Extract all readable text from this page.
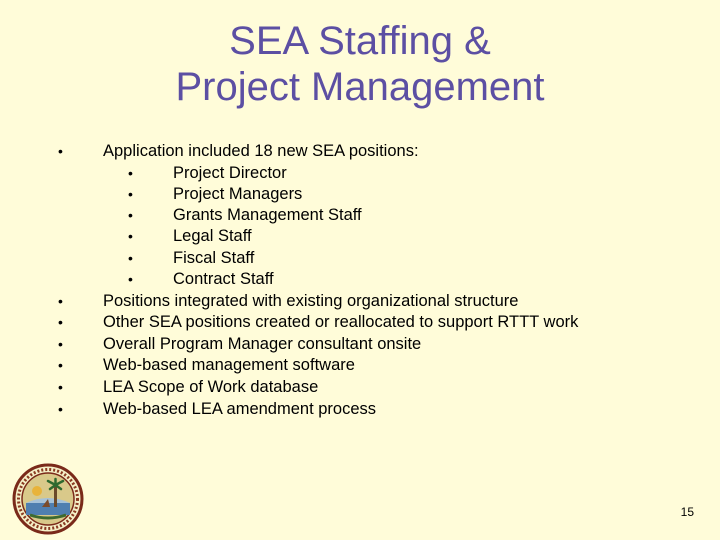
SEA Staffing &
Project Management
• Application included 18 new SEA positions:
• Project Director
• Project Managers
• Grants Management Staff
• Legal Staff
• Fiscal Staff
• Contract Staff
• Positions integrated with existing organizational structure
• Other SEA positions created or reallocated to support RTTT work
• Overall Program Manager consultant onsite
• Web-based management software
• LEA Scope of Work database
• Web-based LEA amendment process
15
